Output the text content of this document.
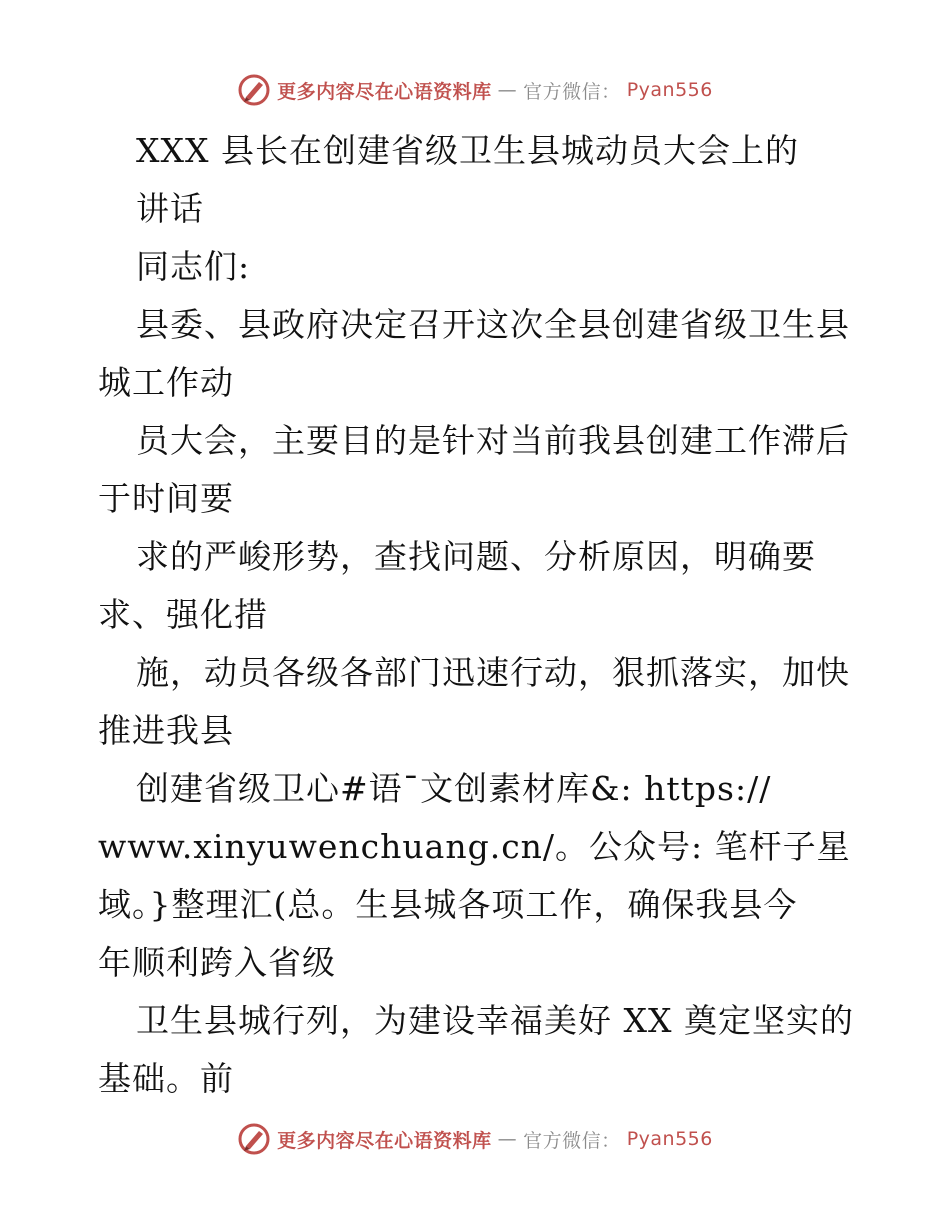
更多内容尽在心语资料库 — 官方微信： Pyan556
XXX 县长在创建省级卫生县城动员大会上的
讲话
同志们:
县委、县政府决定召开这次全县创建省级卫生县
城工作动
员大会，主要目的是针对当前我县创建工作滞后
于时间要
求的严峻形势，查找问题、分析原因，明确要
求、强化措
施，动员各级各部门迅速行动，狠抓落实，加快
推进我县
创建省级卫心#语¯文创素材库&: https://
www.xinyuwenchuang.cn/。公众号: 笔杆子星
域。}整理汇(总。生县城各项工作，确保我县今
年顺利跨入省级
卫生县城行列，为建设幸福美好 XX 奠定坚实的
基础。前
更多内容尽在心语资料库 — 官方微信： Pyan556
